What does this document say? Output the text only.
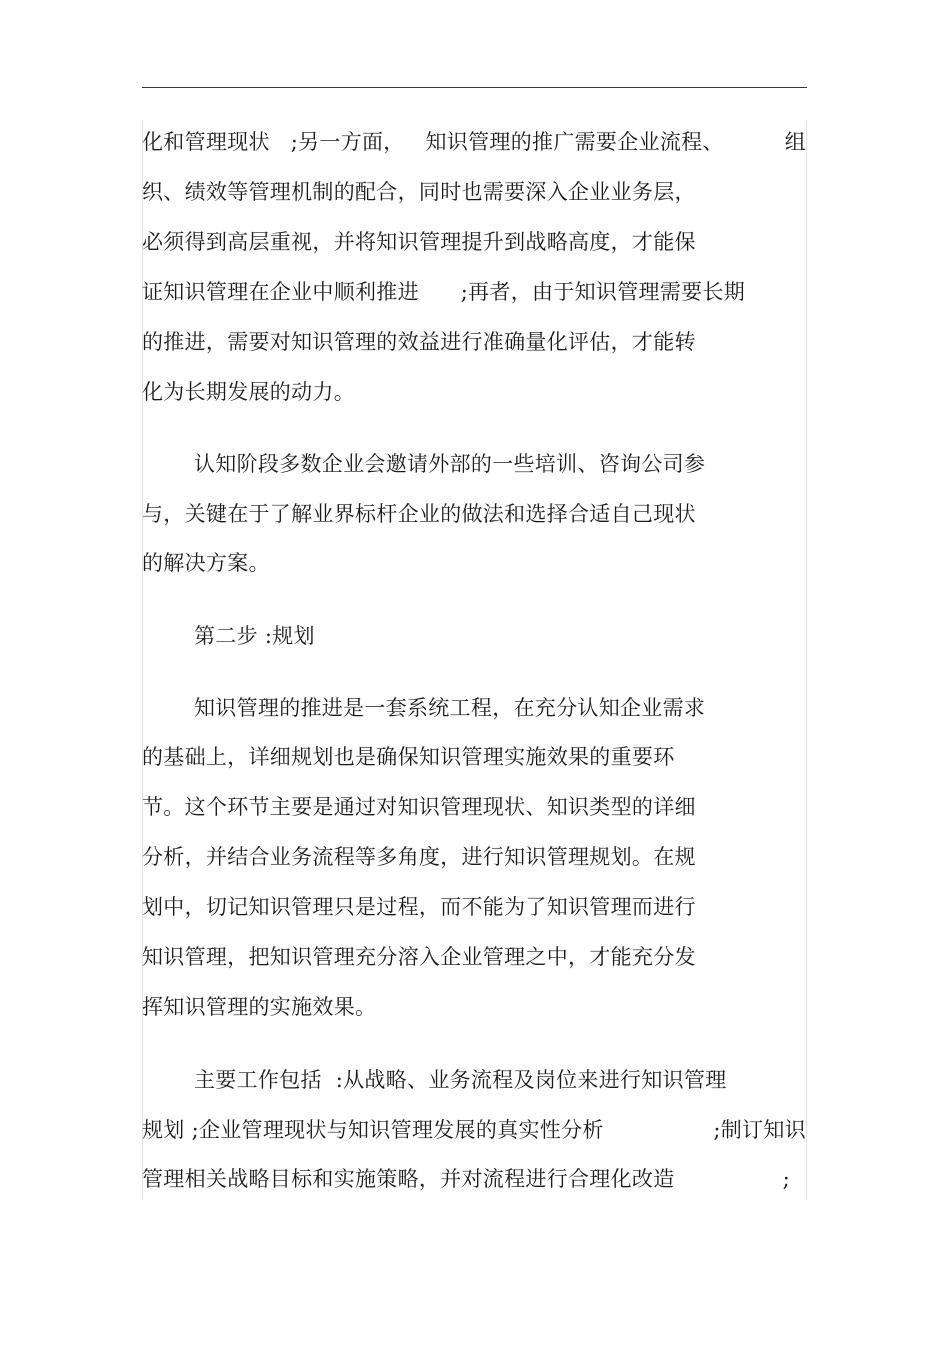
化和管理现状   ;另一方面，   知识管理的推广需要企业流程、	组
织、绩效等管理机制的配合，同时也需要深入企业业务层，
必须得到高层重视，并将知识管理提升到战略高度，才能保
证知识管理在企业中顺利推进      ;再者，由于知识管理需要长期
的推进，需要对知识管理的效益进行准确量化评估，才能转
化为长期发展的动力。
认知阶段多数企业会邀请外部的一些培训、咨询公司参
与，关键在于了解业界标杆企业的做法和选择合适自己现状
的解决方案。
第二步 :规划
知识管理的推进是一套系统工程，在充分认知企业需求
的基础上，详细规划也是确保知识管理实施效果的重要环
节。这个环节主要是通过对知识管理现状、知识类型的详细
分析，并结合业务流程等多角度，进行知识管理规划。在规
划中，切记知识管理只是过程，而不能为了知识管理而进行
知识管理，把知识管理充分溶入企业管理之中，才能充分发
挥知识管理的实施效果。
主要工作包括  :从战略、业务流程及岗位来进行知识管理
规划 ;企业管理现状与知识管理发展的真实性分析	;制订知识
管理相关战略目标和实施策略，并对流程进行合理化改造	;
